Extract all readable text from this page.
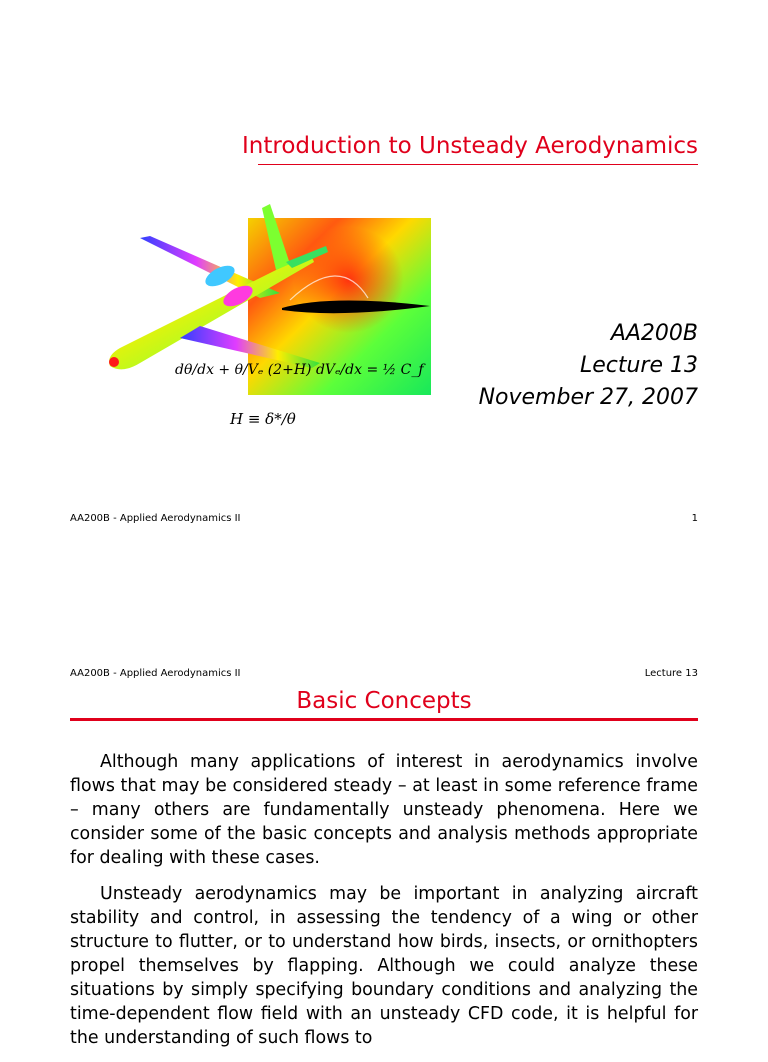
Introduction to Unsteady Aerodynamics
dθ/dx + θ/Vₑ (2+H) dVₑ/dx = ½ C_f
H ≡ δ*/θ
AA200B
Lecture 13
November 27, 2007
AA200B - Applied Aerodynamics II	1
AA200B - Applied Aerodynamics II	Lecture 13
Basic Concepts

Although many applications of interest in aerodynamics involve flows that may be considered steady – at least in some reference frame – many others are fundamentally unsteady phenomena. Here we consider some of the basic concepts and analysis methods appropriate for dealing with these cases.

Unsteady aerodynamics may be important in analyzing aircraft stability and control, in assessing the tendency of a wing or other structure to flutter, or to understand how birds, insects, or ornithopters propel themselves by flapping. Although we could analyze these situations by simply specifying boundary conditions and analyzing the time-dependent flow field with an unsteady CFD code, it is helpful for the understanding of such flows to
